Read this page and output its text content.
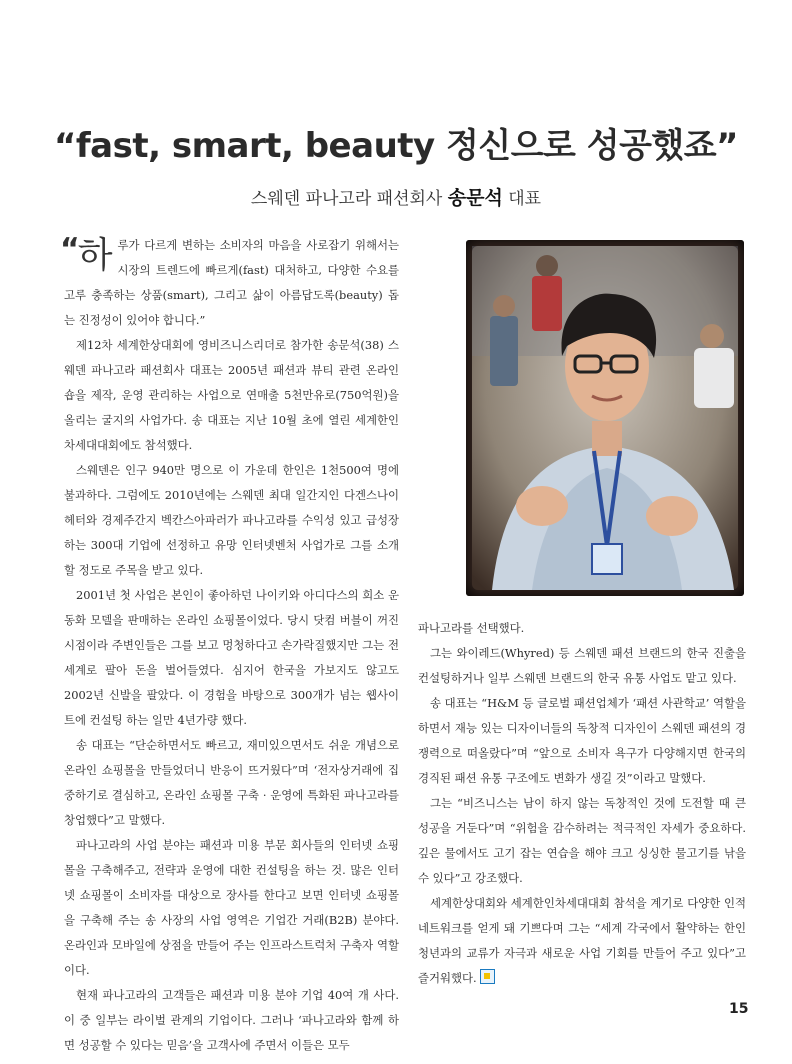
“fast, smart, beauty 정신으로 성공했죠”

스웨덴 파나고라 패션회사 송문석 대표

“
하 루가 다르게 변하는 소비자의 마음을 사로잡기 위해서는 시장의 트렌드에 빠르게(fast) 대처하고, 다양한 수요를 고루 충족하는 상품(smart), 그리고 삶이 아름답도록(beauty) 돕는 진정성이 있어야 합니다.”

제12차 세계한상대회에 영비즈니스리더로 참가한 송문석(38) 스웨덴 파나고라 패션회사 대표는 2005년 패션과 뷰티 관련 온라인 숍을 제작, 운영 관리하는 사업으로 연매출 5천만유로(750억원)을 올리는 굴지의 사업가다. 송 대표는 지난 10월 초에 열린 세계한인차세대대회에도 참석했다.

스웨덴은 인구 940만 명으로 이 가운데 한인은 1천500여 명에 불과하다. 그럼에도 2010년에는 스웨덴 최대 일간지인 다겐스나이헤터와 경제주간지 벡칸스아파러가 파나고라를 수익성 있고 급성장하는 300대 기업에 선정하고 유망 인터넷벤처 사업가로 그를 소개할 정도로 주목을 받고 있다.

2001년 첫 사업은 본인이 좋아하던 나이키와 아디다스의 희소 운동화 모델을 판매하는 온라인 쇼핑몰이었다. 당시 닷컴 버블이 꺼진 시점이라 주변인들은 그를 보고 멍청하다고 손가락질했지만 그는 전 세계로 팔아 돈을 벌어들였다. 심지어 한국을 가보지도 않고도 2002년 신발을 팔았다. 이 경험을 바탕으로 300개가 넘는 웹사이트에 컨설팅 하는 일만 4년가량 했다.

송 대표는 “단순하면서도 빠르고, 재미있으면서도 쉬운 개념으로 온라인 쇼핑몰을 만들었더니 반응이 뜨거웠다”며 ‘전자상거래에 집중하기로 결심하고, 온라인 쇼핑몰 구축 · 운영에 특화된 파나고라를 창업했다”고 말했다.

파나고라의 사업 분야는 패션과 미용 부문 회사들의 인터넷 쇼핑몰을 구축해주고, 전략과 운영에 대한 컨설팅을 하는 것. 많은 인터넷 쇼핑몰이 소비자를 대상으로 장사를 한다고 보면 인터넷 쇼핑몰을 구축해 주는 송 사장의 사업 영역은 기업간 거래(B2B) 분야다. 온라인과 모바일에 상점을 만들어 주는 인프라스트럭처 구축자 역할이다.

현재 파나고라의 고객들은 패션과 미용 분야 기업 40여 개 사다. 이 중 일부는 라이벌 관계의 기업이다. 그러나 ‘파나고라와 함께 하면 성공할 수 있다는 믿음’을 고객사에 주면서 이들은 모두

파나고라를 선택했다.

그는 와이레드(Whyred) 등 스웨덴 패션 브랜드의 한국 진출을 컨설팅하거나 일부 스웨덴 브랜드의 한국 유통 사업도 맡고 있다.

송 대표는 “H&M 등 글로벌 패션업체가 ‘패션 사관학교’ 역할을 하면서 재능 있는 디자이너들의 독창적 디자인이 스웨덴 패션의 경쟁력으로 떠올랐다”며 “앞으로 소비자 욕구가 다양해지면 한국의 경직된 패션 유통 구조에도 변화가 생길 것”이라고 말했다.

그는 “비즈니스는 남이 하지 않는 독창적인 것에 도전할 때 큰 성공을 거둔다”며 “위험을 감수하려는 적극적인 자세가 중요하다. 깊은 물에서도 고기 잡는 연습을 해야 크고 싱싱한 물고기를 낚을 수 있다”고 강조했다.

세계한상대회와 세계한인차세대대회 참석을 계기로 다양한 인적 네트워크를 얻게 돼 기쁘다며 그는 “세계 각국에서 활약하는 한인 청년과의 교류가 자극과 새로운 사업 기회를 만들어 주고 있다”고 즐거워했다.

15
